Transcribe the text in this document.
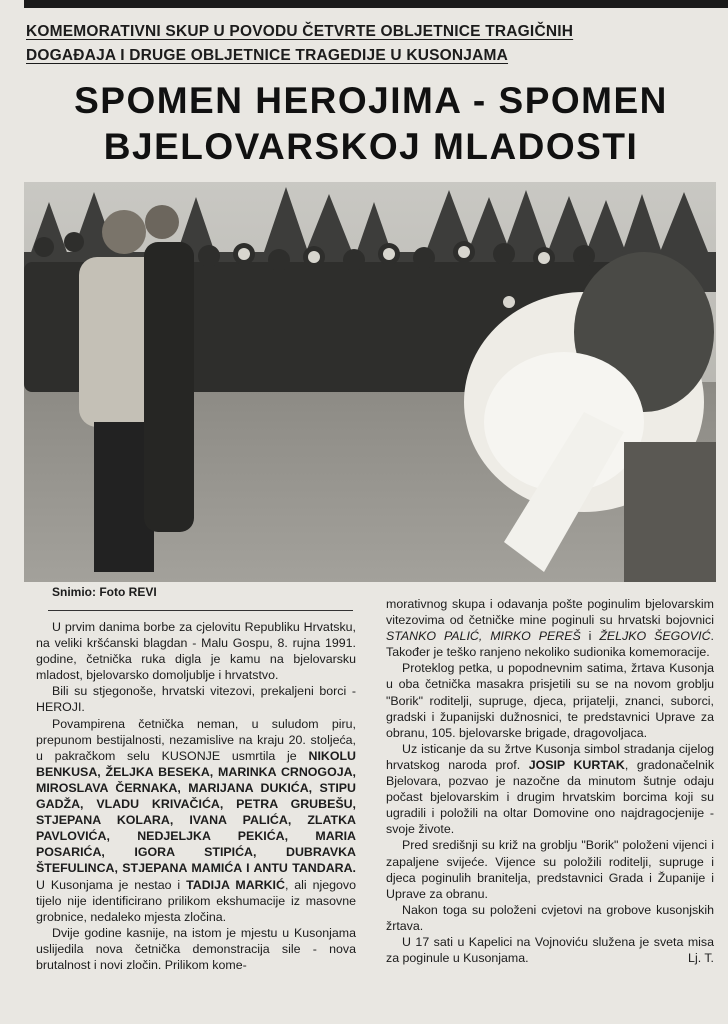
KOMEMORATIVNI SKUP U POVODU ČETVRTE OBLJETNICE TRAGIČNIH
DOGAĐAJA I DRUGE OBLJETNICE TRAGEDIJE U KUSONJAMA
SPOMEN HEROJIMA - SPOMEN
BJELOVARSKOJ MLADOSTI
Snimio: Foto REVI

U prvim danima borbe za cjelovitu Republiku Hrvatsku, na veliki kršćanski blagdan - Malu Gospu, 8. rujna 1991. godine, četnička ruka digla je kamu na bjelovarsku mladost, bjelovarsko domoljublje i hrvatstvo.

Bili su stjegonoše, hrvatski vitezovi, prekaljeni borci - HEROJI.

Povampirena četnička neman, u suludom piru, prepunom bestijalnosti, nezamislive na kraju 20. stoljeća, u pakračkom selu KUSONJE usmrtila je NIKOLU BENKUSA, ŽELJKA BESEKA, MARINKA CRNOGOJA, MIROSLAVA ČERNAKA, MARIJANA DUKIĆA, STIPU GADŽA, VLADU KRIVAČIĆA, PETRA GRUBEŠU, STJEPANA KOLARA, IVANA PALIĆA, ZLATKA PAVLOVIĆA, NEDJELJKA PEKIĆA, MARIA POSARIĆA, IGORA STIPIĆA, DUBRAVKA ŠTEFULINCA, STJEPANA MAMIĆA I ANTU TANDARA. U Kusonjama je nestao i TADIJA MARKIĆ, ali njegovo tijelo nije identificirano prilikom ekshumacije iz masovne grobnice, nedaleko mjesta zločina.

Dvije godine kasnije, na istom je mjestu u Kusonjama uslijedila nova četnička demonstracija sile - nova brutalnost i novi zločin. Prilikom kome-

morativnog skupa i odavanja pošte poginulim bjelovarskim vitezovima od četničke mine poginuli su hrvatski bojovnici STANKO PALIĆ, MIRKO PEREŠ i ŽELJKO ŠEGOVIĆ. Također je teško ranjeno nekoliko sudionika komemoracije.

Proteklog petka, u popodnevnim satima, žrtava Kusonja u oba četnička masakra prisjetili su se na novom groblju "Borik" roditelji, supruge, djeca, prijatelji, znanci, suborci, gradski i županijski dužnosnici, te predstavnici Uprave za obranu, 105. bjelovarske brigade, dragovoljaca.

Uz isticanje da su žrtve Kusonja simbol stradanja cijelog hrvatskog naroda prof. JOSIP KURTAK, gradonačelnik Bjelovara, pozvao je nazočne da minutom šutnje odaju počast bjelovarskim i drugim hrvatskim borcima koji su ugradili i položili na oltar Domovine ono najdragocjenije - svoje živote.

Pred središnji su križ na groblju "Borik" položeni vijenci i zapaljene svijeće. Vijence su položili roditelji, supruge i djeca poginulih branitelja, predstavnici Grada i Županije i Uprave za obranu.

Nakon toga su položeni cvjetovi na grobove kusonjskih žrtava.

U 17 sati u Kapelici na Vojnoviću služena je sveta misa za poginule u Kusonjama.	Lj. T.
